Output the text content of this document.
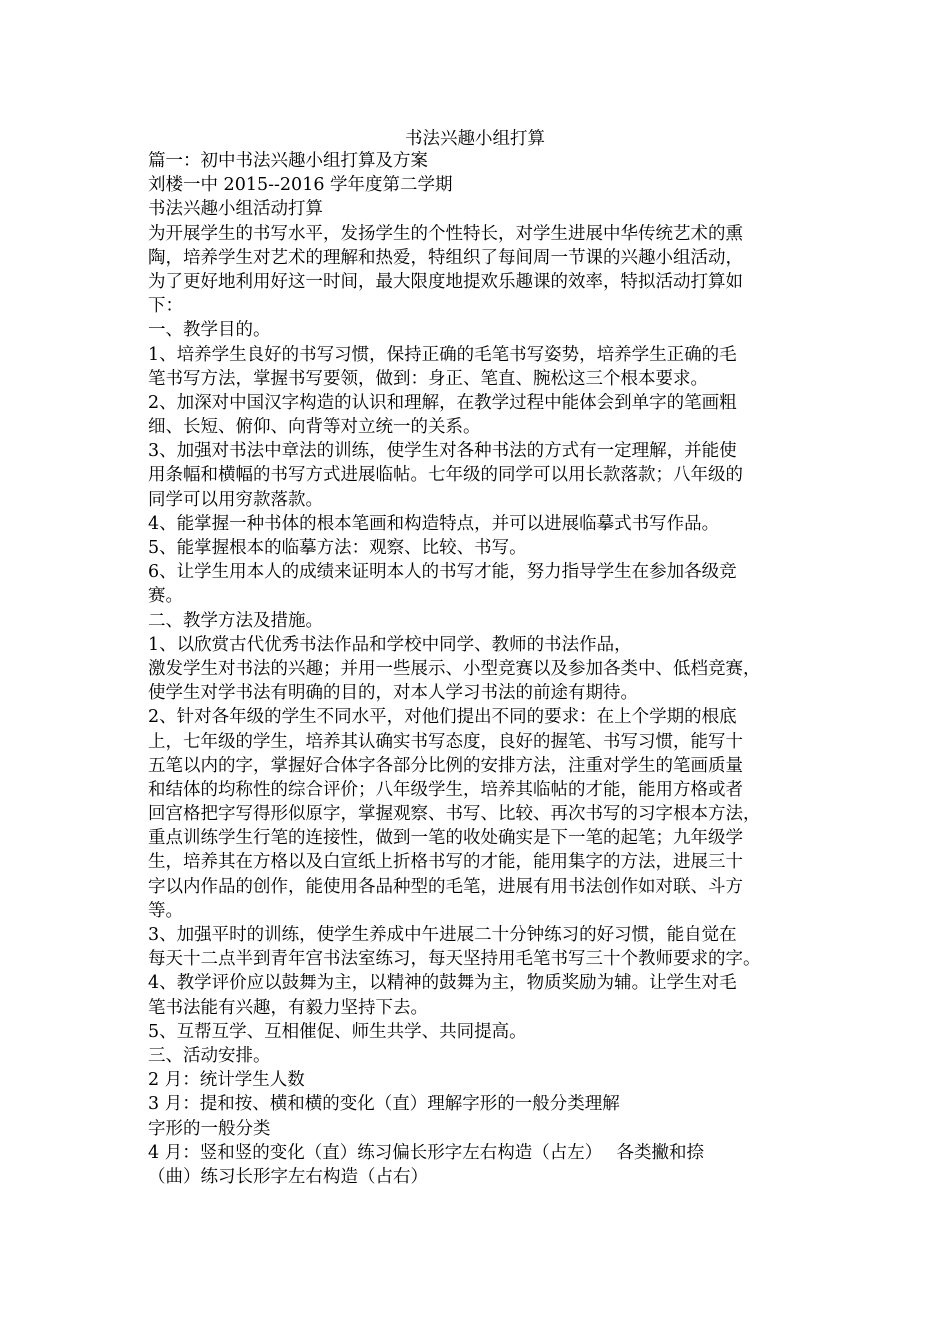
书法兴趣小组打算
篇一：初中书法兴趣小组打算及方案
刘楼一中 2015--2016 学年度第二学期
书法兴趣小组活动打算
为开展学生的书写水平，发扬学生的个性特长，对学生进展中华传统艺术的熏
陶，培养学生对艺术的理解和热爱，特组织了每间周一节课的兴趣小组活动，
为了更好地利用好这一时间，最大限度地提欢乐趣课的效率，特拟活动打算如
下：
一、教学目的。
1、培养学生良好的书写习惯，保持正确的毛笔书写姿势，培养学生正确的毛
笔书写方法，掌握书写要领，做到：身正、笔直、腕松这三个根本要求。
2、加深对中国汉字构造的认识和理解，在教学过程中能体会到单字的笔画粗
细、长短、俯仰、向背等对立统一的关系。
3、加强对书法中章法的训练，使学生对各种书法的方式有一定理解，并能使
用条幅和横幅的书写方式进展临帖。七年级的同学可以用长款落款；八年级的
同学可以用穷款落款。
4、能掌握一种书体的根本笔画和构造特点，并可以进展临摹式书写作品。
5、能掌握根本的临摹方法：观察、比较、书写。
6、让学生用本人的成绩来证明本人的书写才能，努力指导学生在参加各级竞
赛。
二、教学方法及措施。
1、以欣赏古代优秀书法作品和学校中同学、教师的书法作品，
激发学生对书法的兴趣；并用一些展示、小型竞赛以及参加各类中、低档竞赛，
使学生对学书法有明确的目的，对本人学习书法的前途有期待。
2、针对各年级的学生不同水平，对他们提出不同的要求：在上个学期的根底
上，七年级的学生，培养其认确实书写态度，良好的握笔、书写习惯，能写十
五笔以内的字，掌握好合体字各部分比例的安排方法，注重对学生的笔画质量
和结体的均称性的综合评价；八年级学生，培养其临帖的才能，能用方格或者
回宫格把字写得形似原字，掌握观察、书写、比较、再次书写的习字根本方法，
重点训练学生行笔的连接性，做到一笔的收处确实是下一笔的起笔；九年级学
生，培养其在方格以及白宣纸上折格书写的才能，能用集字的方法，进展三十
字以内作品的创作，能使用各品种型的毛笔，进展有用书法创作如对联、斗方
等。
3、加强平时的训练，使学生养成中午进展二十分钟练习的好习惯，能自觉在
每天十二点半到青年宫书法室练习，每天坚持用毛笔书写三十个教师要求的字。
4、教学评价应以鼓舞为主，以精神的鼓舞为主，物质奖励为辅。让学生对毛
笔书法能有兴趣，有毅力坚持下去。
5、互帮互学、互相催促、师生共学、共同提高。
三、活动安排。
2 月：统计学生人数
3 月：提和按、横和横的变化（直）理解字形的一般分类理解
字形的一般分类
4 月：竖和竖的变化（直）练习偏长形字左右构造（占左）　 各类撇和捺
（曲）练习长形字左右构造（占右）
